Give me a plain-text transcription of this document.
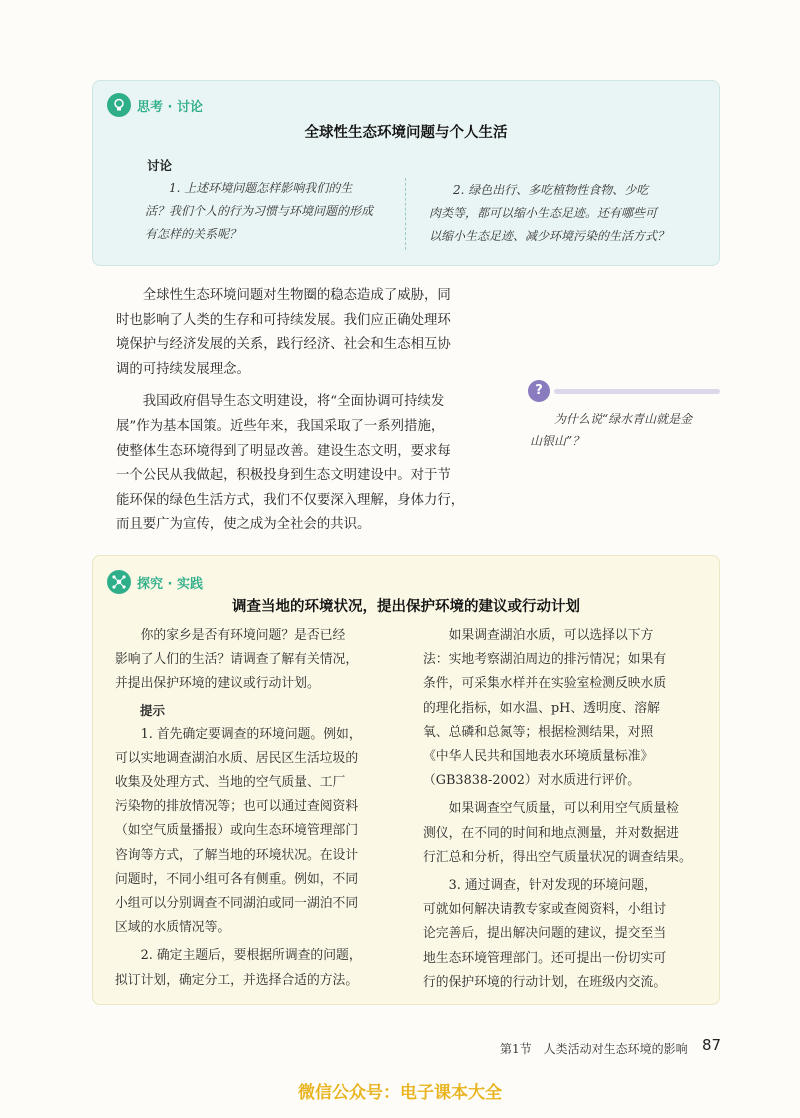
思考 · 讨论
全球性生态环境问题与个人生活
讨论
1. 上述环境问题怎样影响我们的生
活？我们个人的行为习惯与环境问题的形成
有怎样的关系呢？
2. 绿色出行、多吃植物性食物、少吃
肉类等，都可以缩小生态足迹。还有哪些可
以缩小生态足迹、减少环境污染的生活方式？

全球性生态环境问题对生物圈的稳态造成了威胁，同

时也影响了人类的生存和可持续发展。我们应正确处理环
境保护与经济发展的关系，践行经济、社会和生态相互协
调的可持续发展理念。

我国政府倡导生态文明建设，将“全面协调可持续发

展”作为基本国策。近些年来，我国采取了一系列措施，
使整体生态环境得到了明显改善。建设生态文明，要求每
一个公民从我做起，积极投身到生态文明建设中。对于节
能环保的绿色生活方式，我们不仅要深入理解，身体力行，
而且要广为宣传，使之成为全社会的共识。
?
为什么说“绿水青山就是金
山银山”？
探究 · 实践
调查当地的环境状况，提出保护环境的建议或行动计划

你的家乡是否有环境问题？是否已经

影响了人们的生活？请调查了解有关情况，
并提出保护环境的建议或行动计划。
提示

1. 首先确定要调查的环境问题。例如，

可以实地调查湖泊水质、居民区生活垃圾的
收集及处理方式、当地的空气质量、工厂
污染物的排放情况等；也可以通过查阅资料
（如空气质量播报）或向生态环境管理部门
咨询等方式，了解当地的环境状况。在设计
问题时，不同小组可各有侧重。例如，不同
小组可以分别调查不同湖泊或同一湖泊不同
区域的水质情况等。

2. 确定主题后，要根据所调查的问题，

拟订计划，确定分工，并选择合适的方法。

如果调查湖泊水质，可以选择以下方

法：实地考察湖泊周边的排污情况；如果有
条件，可采集水样并在实验室检测反映水质
的理化指标，如水温、pH、透明度、溶解
氧、总磷和总氮等；根据检测结果，对照
《中华人民共和国地表水环境质量标准》
（GB3838-2002）对水质进行评价。

如果调查空气质量，可以利用空气质量检

测仪，在不同的时间和地点测量，并对数据进
行汇总和分析，得出空气质量状况的调查结果。

3. 通过调查，针对发现的环境问题，

可就如何解决请教专家或查阅资料，小组讨
论完善后，提出解决问题的建议，提交至当
地生态环境管理部门。还可提出一份切实可
行的保护环境的行动计划，在班级内交流。
第1节　人类活动对生态环境的影响 87
微信公众号：电子课本大全
